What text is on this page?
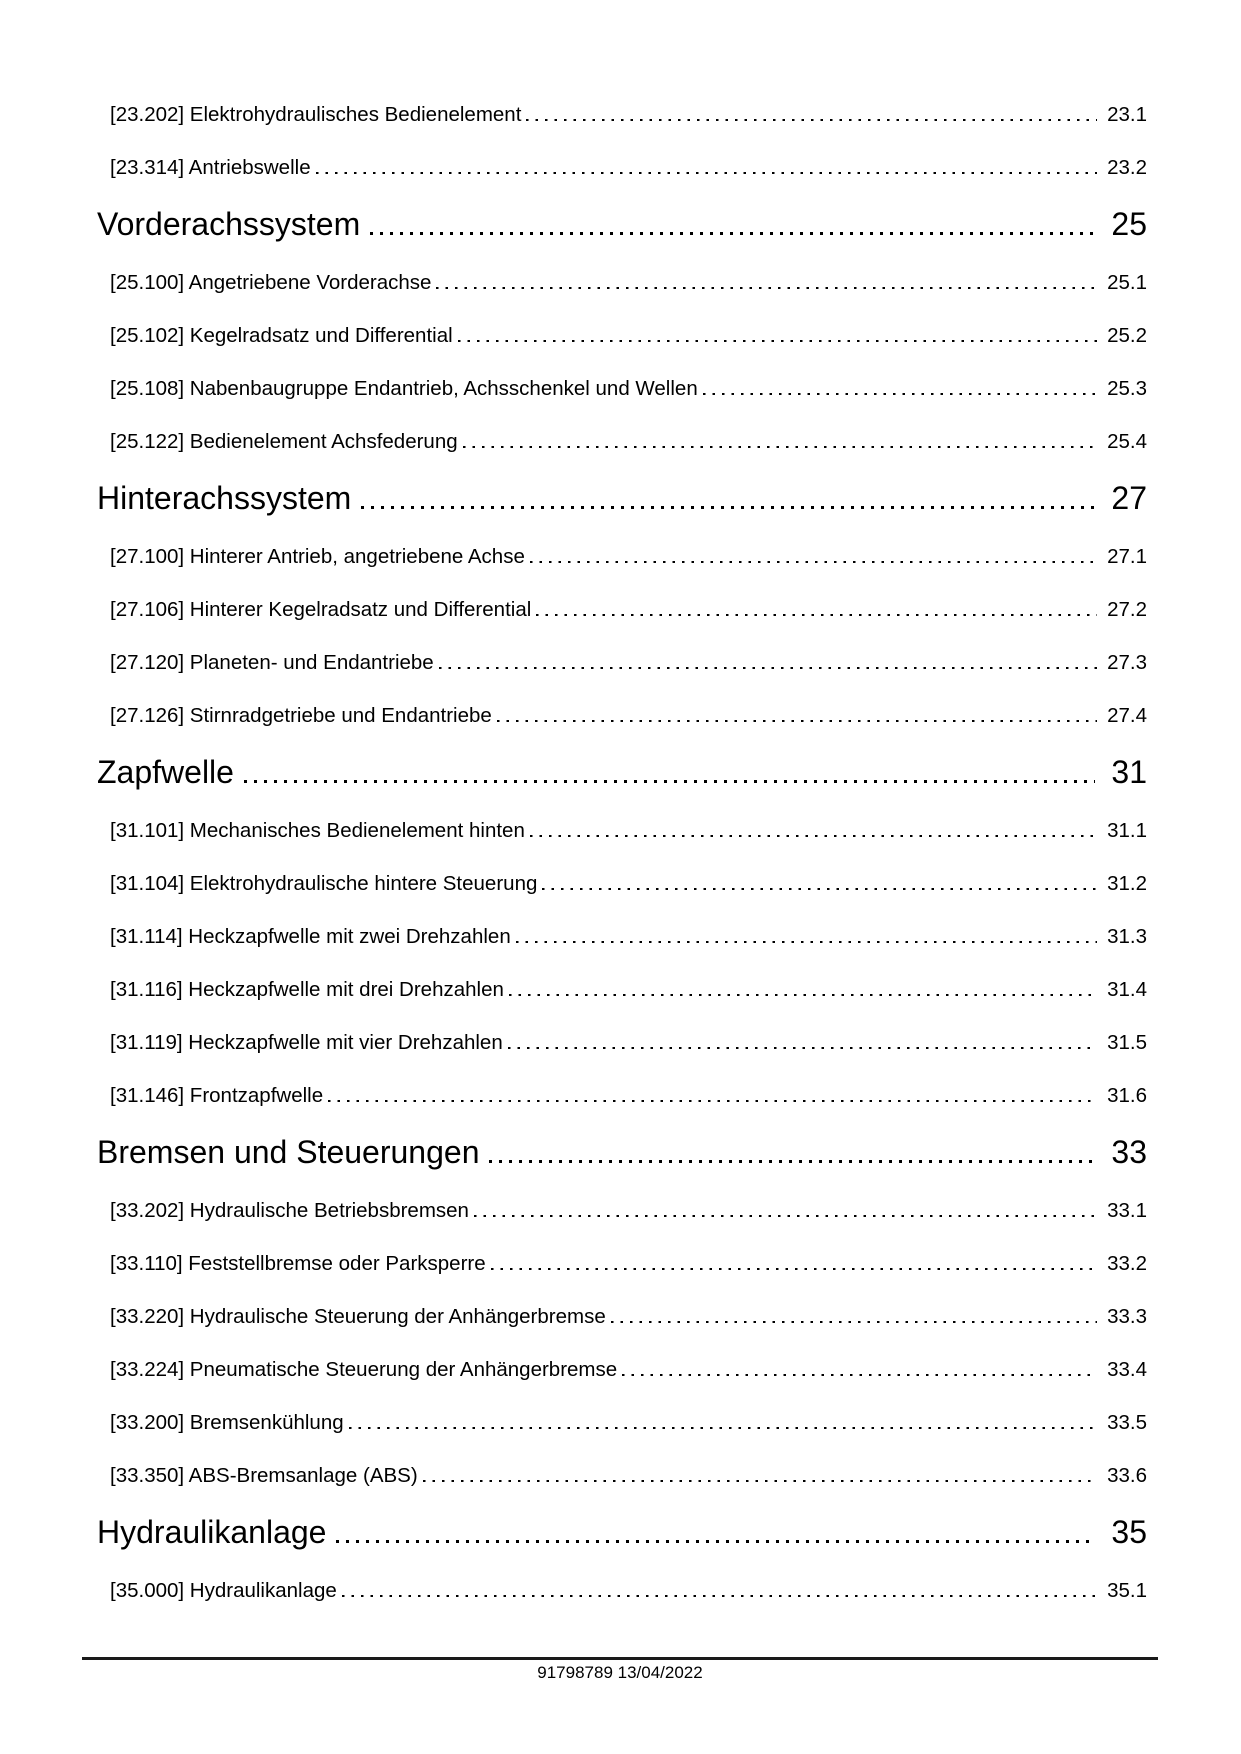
[23.202] Elektrohydraulisches Bedienelement	23.1
[23.314] Antriebswelle	23.2
Vorderachssystem	25
[25.100] Angetriebene Vorderachse	25.1
[25.102] Kegelradsatz und Differential	25.2
[25.108] Nabenbaugruppe Endantrieb, Achsschenkel und Wellen	25.3
[25.122] Bedienelement Achsfederung	25.4
Hinterachssystem	27
[27.100] Hinterer Antrieb, angetriebene Achse	27.1
[27.106] Hinterer Kegelradsatz und Differential	27.2
[27.120] Planeten- und Endantriebe	27.3
[27.126] Stirnradgetriebe und Endantriebe	27.4
Zapfwelle	31
[31.101] Mechanisches Bedienelement hinten	31.1
[31.104] Elektrohydraulische hintere Steuerung	31.2
[31.114] Heckzapfwelle mit zwei Drehzahlen	31.3
[31.116] Heckzapfwelle mit drei Drehzahlen	31.4
[31.119] Heckzapfwelle mit vier Drehzahlen	31.5
[31.146] Frontzapfwelle	31.6
Bremsen und Steuerungen	33
[33.202] Hydraulische Betriebsbremsen	33.1
[33.110] Feststellbremse oder Parksperre	33.2
[33.220] Hydraulische Steuerung der Anhängerbremse	33.3
[33.224] Pneumatische Steuerung der Anhängerbremse	33.4
[33.200] Bremsenkühlung	33.5
[33.350] ABS-Bremsanlage (ABS)	33.6
Hydraulikanlage	35
[35.000] Hydraulikanlage	35.1
91798789 13/04/2022
